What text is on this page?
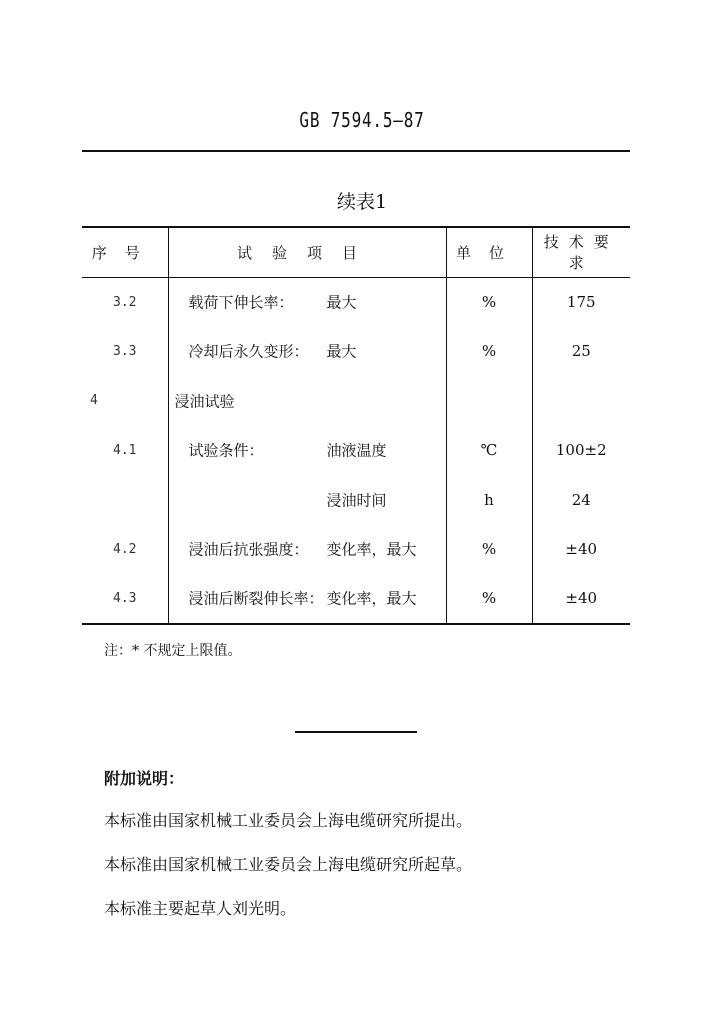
GB 7594.5—87
续表1
序号	试验项目	单位	技术要求
3.2	载荷下伸长率： 最大	%	175
3.3	冷却后永久变形： 最大	%	25
4	浸油试验		

4.1	试验条件： 油液温度	℃	100±2

	浸油时间	h	24
4.2	浸油后抗张强度： 变化率，最大	%	±40
4.3	浸油后断裂伸长率： 变化率，最大	%	±40
注：* 不规定上限值。
附加说明：
本标准由国家机械工业委员会上海电缆研究所提出。
本标准由国家机械工业委员会上海电缆研究所起草。
本标准主要起草人刘光明。
